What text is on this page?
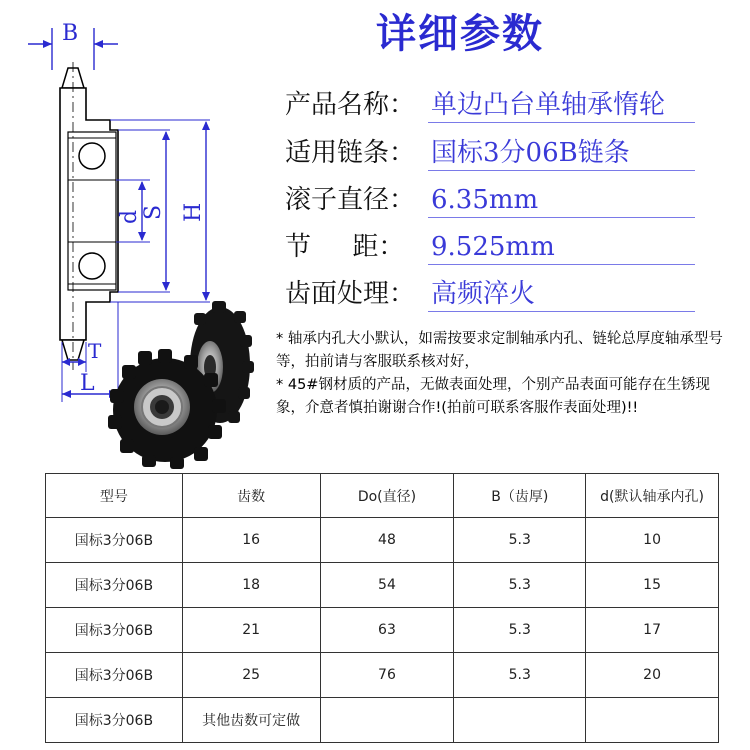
详细参数
B
d S H
T
L
产品名称： 单边凸台单轴承惰轮
适用链条： 国标3分06B链条
滚子直径： 6.35mm
节     距： 9.525mm
齿面处理： 高频淬火

* 轴承内孔大小默认，如需按要求定制轴承内孔、链轮总厚度轴承型号等，拍前请与客服联系核对好，

* 45#钢材质的产品，无做表面处理，个别产品表面可能存在生锈现象，介意者慎拍谢谢合作!(拍前可联系客服作表面处理)!!

型号	齿数	Do(直径)	B（齿厚)	d(默认轴承内孔)
国标3分06B	16	48	5.3	10
国标3分06B	18	54	5.3	15
国标3分06B	21	63	5.3	17
国标3分06B	25	76	5.3	20
国标3分06B	其他齿数可定做			
